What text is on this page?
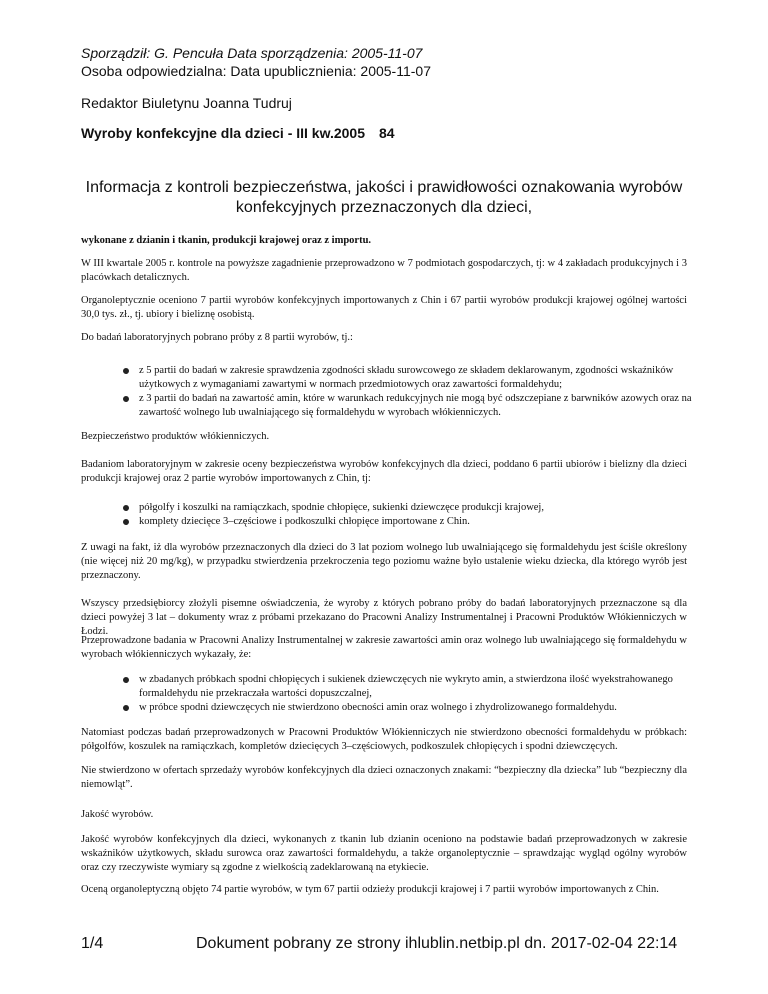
Sporządził: G. Pencuła Data sporządzenia: 2005-11-07
Osoba odpowiedzialna: Data upublicznienia: 2005-11-07
Redaktor Biuletynu Joanna Tudruj
Wyroby konfekcyjne dla dzieci - III kw.2005 84
Informacja z kontroli bezpieczeństwa, jakości i prawidłowości oznakowania wyrobów konfekcyjnych przeznaczonych dla dzieci,
wykonane z dzianin i tkanin, produkcji krajowej oraz z importu.
W III kwartale 2005 r. kontrole na powyższe zagadnienie przeprowadzono w 7 podmiotach gospodarczych, tj: w 4 zakładach produkcyjnych i 3 placówkach detalicznych.
Organoleptycznie oceniono 7 partii wyrobów konfekcyjnych importowanych z Chin i 67 partii wyrobów produkcji krajowej ogólnej wartości 30,0 tys. zł., tj. ubiory i bieliznę osobistą.
Do badań laboratoryjnych pobrano próby z 8 partii wyrobów, tj.:
z 5 partii do badań w zakresie sprawdzenia zgodności składu surowcowego ze składem deklarowanym, zgodności wskaźników użytkowych z wymaganiami zawartymi w normach przedmiotowych oraz zawartości formaldehydu;
z 3 partii do badań na zawartość amin, które w warunkach redukcyjnych nie mogą być odszczepiane z barwników azowych oraz na zawartość wolnego lub uwalniającego się formaldehydu w wyrobach włókienniczych.
Bezpieczeństwo produktów włókienniczych.
Badaniom laboratoryjnym w zakresie oceny bezpieczeństwa wyrobów konfekcyjnych dla dzieci, poddano 6 partii ubiorów i bielizny dla dzieci produkcji krajowej oraz 2 partie wyrobów importowanych z Chin, tj:
półgolfy i koszulki na ramiączkach, spodnie chłopięce, sukienki dziewczęce produkcji krajowej,
komplety dziecięce 3–częściowe i podkoszulki chłopięce importowane z Chin.
Z uwagi na fakt, iż dla wyrobów przeznaczonych dla dzieci do 3 lat poziom wolnego lub uwalniającego się formaldehydu jest ściśle określony (nie więcej niż 20 mg/kg), w przypadku stwierdzenia przekroczenia tego poziomu ważne było ustalenie wieku dziecka, dla którego wyrób jest przeznaczony.
Wszyscy przedsiębiorcy złożyli pisemne oświadczenia, że wyroby z których pobrano próby do badań laboratoryjnych przeznaczone są dla dzieci powyżej 3 lat – dokumenty wraz z próbami przekazano do Pracowni Analizy Instrumentalnej i Pracowni Produktów Włókienniczych w Łodzi.
Przeprowadzone badania w Pracowni Analizy Instrumentalnej w zakresie zawartości amin oraz wolnego lub uwalniającego się formaldehydu w wyrobach włókienniczych wykazały, że:
w zbadanych próbkach spodni chłopięcych i sukienek dziewczęcych nie wykryto amin, a stwierdzona ilość wyekstrahowanego formaldehydu nie przekraczała wartości dopuszczalnej,
w próbce spodni dziewczęcych nie stwierdzono obecności amin oraz wolnego i zhydrolizowanego formaldehydu.
Natomiast podczas badań przeprowadzonych w Pracowni Produktów Włókienniczych nie stwierdzono obecności formaldehydu w próbkach: półgolfów, koszulek na ramiączkach, kompletów dziecięcych 3–częściowych, podkoszulek chłopięcych i spodni dziewczęcych.
Nie stwierdzono w ofertach sprzedaży wyrobów konfekcyjnych dla dzieci oznaczonych znakami: “bezpieczny dla dziecka” lub “bezpieczny dla niemowląt”.
Jakość wyrobów.
Jakość wyrobów konfekcyjnych dla dzieci, wykonanych z tkanin lub dzianin oceniono na podstawie badań przeprowadzonych w zakresie wskaźników użytkowych, składu surowca oraz zawartości formaldehydu, a także organoleptycznie – sprawdzając wygląd ogólny wyrobów oraz czy rzeczywiste wymiary są zgodne z wielkością zadeklarowaną na etykiecie.
Oceną organoleptyczną objęto 74 partie wyrobów, w tym 67 partii odzieży produkcji krajowej i 7 partii wyrobów importowanych z Chin.
1/4	Dokument pobrany ze strony ihlublin.netbip.pl dn. 2017-02-04 22:14
